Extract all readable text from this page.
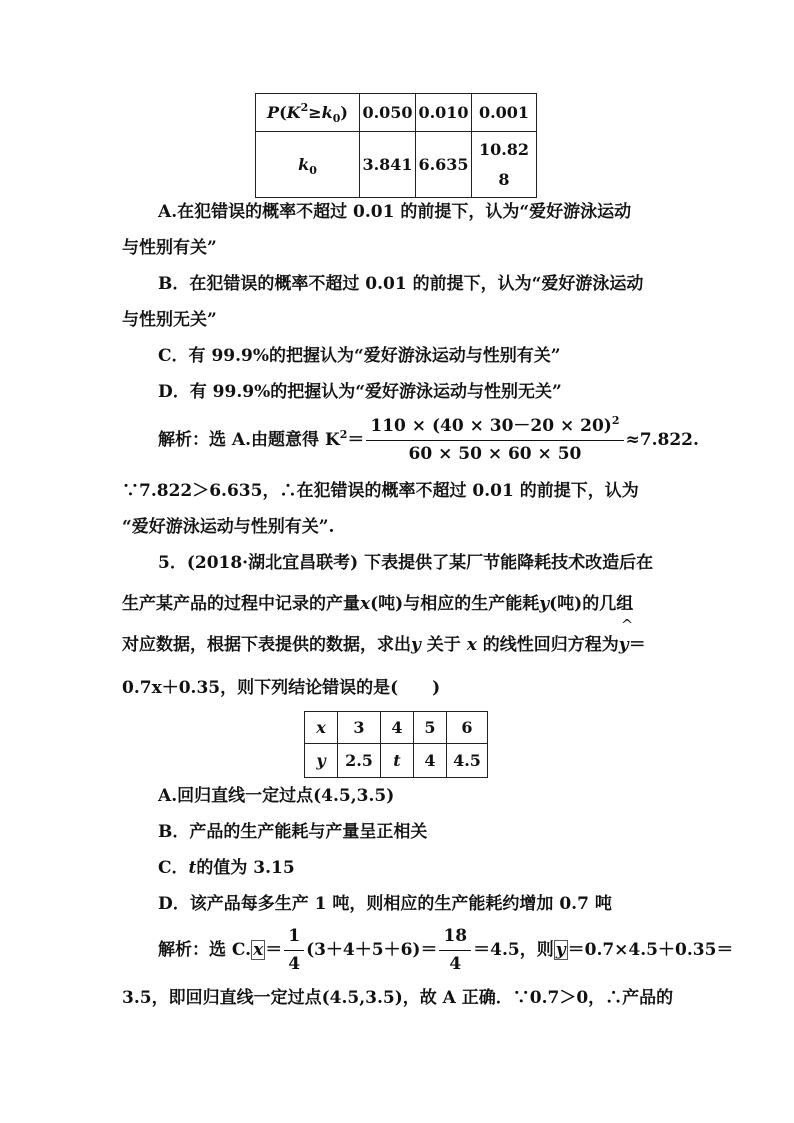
$P(K^2\ge k_0)$	0.050	0.010	0.001
$k_0$	3.841	6.635	10.82
8
A.在犯错误的概率不超过 0.01 的前提下，认为“爱好游泳运动
与性别有关”
B．在犯错误的概率不超过 0.01 的前提下，认为“爱好游泳运动
与性别无关”
C．有 99.9%的把握认为“爱好游泳运动与性别有关”
D．有 99.9%的把握认为“爱好游泳运动与性别无关”
解析：选 A.由题意得 $K^2= \frac{110 \times (40 \times 30-20 \times 20)^2}{60 \times 50 \times 60 \times 50} \approx 7.822$.
∵7.822＞6.635，∴在犯错误的概率不超过 0.01 的前提下，认为
“爱好游泳运动与性别有关”.
5．(2018·湖北宜昌联考) 下表提供了某厂节能降耗技术改造后在
生产某产品的过程中记录的产量x(吨)与相应的生产能耗y(吨)的几组
对应数据，根据下表提供的数据，求出y 关于 x 的线性回归方程为
^
y＝
0.7x＋0.35，则下列结论错误的是(　　)
x	3	4	5	6
y	2.5	t	4	4.5
A.回归直线一定过点(4.5,3.5)
B．产品的生产能耗与产量呈正相关
C．t的值为 3.15
D．该产品每多生产 1 吨，则相应的生产能耗约增加 0.7 吨
解析：选 C. $x = \frac{1}{4} (3+4+5+6)= \frac{18}{4} =4.5$，则 y ＝0.7×4.5＋0.35＝
3.5，即回归直线一定过点(4.5,3.5)，故 A 正确．∵0.7＞0，∴产品的
